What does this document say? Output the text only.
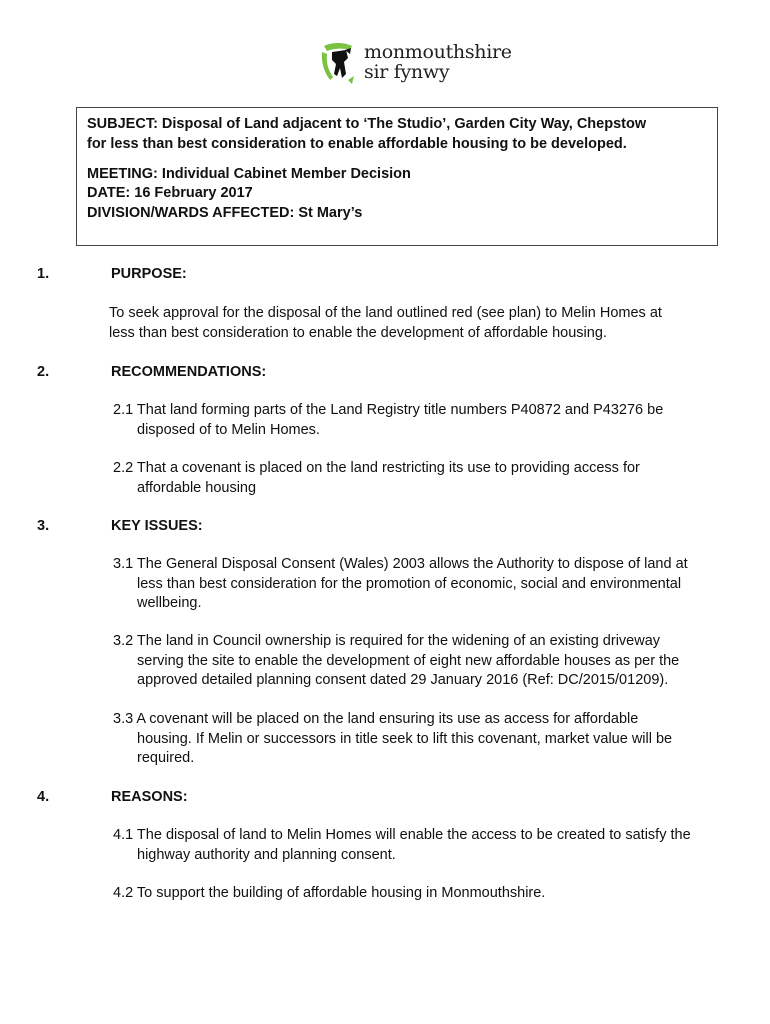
monmouthshire
sir fynwy
SUBJECT: Disposal of Land adjacent to ‘The Studio’, Garden City Way, Chepstow
for less than best consideration to enable affordable housing to be developed.
MEETING: Individual Cabinet Member Decision
DATE: 16 February 2017
DIVISION/WARDS AFFECTED: St Mary’s
1.	PURPOSE:
To seek approval for the disposal of the land outlined red (see plan) to Melin Homes at
less than best consideration to enable the development of affordable housing.
2.	RECOMMENDATIONS:
2.1 That land forming parts of the Land Registry title numbers P40872 and P43276 be
disposed of to Melin Homes.
2.2 That a covenant is placed on the land restricting its use to providing access for
affordable housing
3.	KEY ISSUES:
3.1 The General Disposal Consent (Wales) 2003 allows the Authority to dispose of land at
less than best consideration for the promotion of economic, social and environmental
wellbeing.
3.2 The land in Council ownership is required for the widening of an existing driveway
serving the site to enable the development of eight new affordable houses as per the
approved detailed planning consent dated 29 January 2016 (Ref: DC/2015/01209).
3.3 A covenant will be placed on the land ensuring its use as access for affordable
housing. If Melin or successors in title seek to lift this covenant, market value will be
required.
4.	REASONS:
4.1 The disposal of land to Melin Homes will enable the access to be created to satisfy the
highway authority and planning consent.
4.2 To support the building of affordable housing in Monmouthshire.
